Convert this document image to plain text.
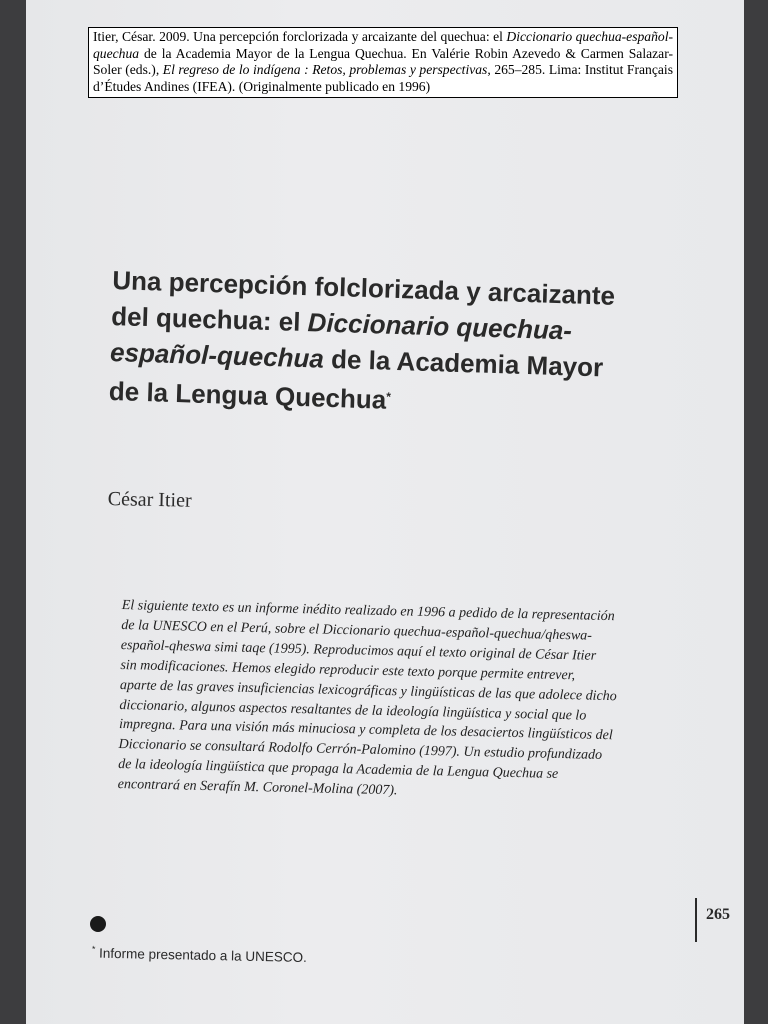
Itier, César. 2009. Una percepción forclorizada y arcaizante del quechua: el Diccionario quechua-español-quechua de la Academia Mayor de la Lengua Quechua. En Valérie Robin Azevedo & Carmen Salazar-Soler (eds.), El regreso de lo indígena : Retos, problemas y perspectivas, 265–285. Lima: Institut Français d’Études Andines (IFEA). (Originalmente publicado en 1996)
Una percepción folclorizada y arcaizante
del quechua: el Diccionario quechua-
español-quechua de la Academia Mayor
de la Lengua Quechua*
César Itier
El siguiente texto es un informe inédito realizado en 1996 a pedido de la representación
de la UNESCO en el Perú, sobre el Diccionario quechua-español-quechua/qheswa-
español-qheswa simi taqe (1995). Reproducimos aquí el texto original de César Itier
sin modificaciones. Hemos elegido reproducir este texto porque permite entrever,
aparte de las graves insuficiencias lexicográficas y lingüísticas de las que adolece dicho
diccionario, algunos aspectos resaltantes de la ideología lingüística y social que lo
impregna. Para una visión más minuciosa y completa de los desaciertos lingüísticos del
Diccionario se consultará Rodolfo Cerrón-Palomino (1997). Un estudio profundizado
de la ideología lingüística que propaga la Academia de la Lengua Quechua se
encontrará en Serafín M. Coronel-Molina (2007).
265
* Informe presentado a la UNESCO.
